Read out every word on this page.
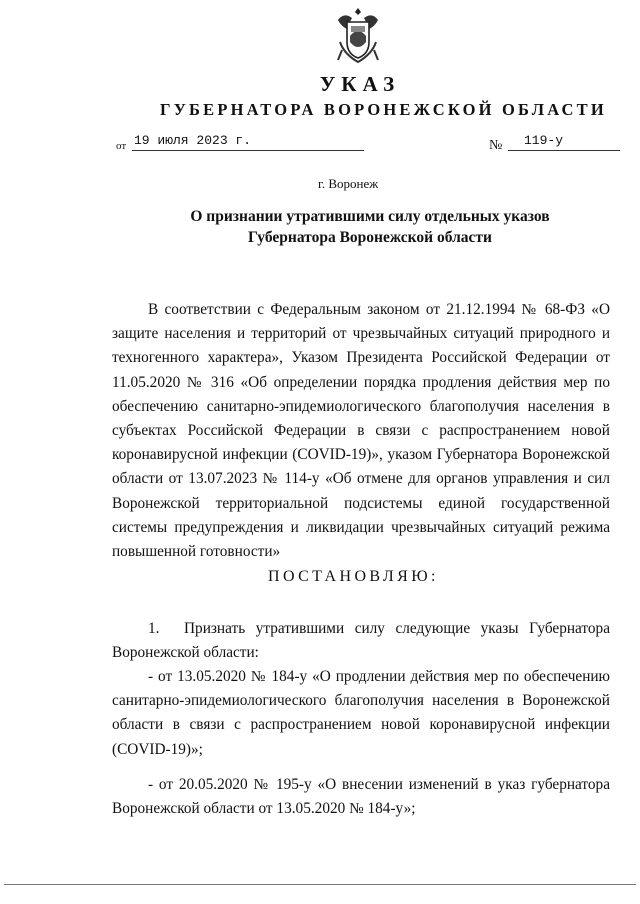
УКАЗ
ГУБЕРНАТОРА ВОРОНЕЖСКОЙ ОБЛАСТИ
от 19 июля 2023 г.	№ 119-у
г. Воронеж
О признании утратившими силу отдельных указов
Губернатора Воронежской области
В соответствии с Федеральным законом от 21.12.1994 № 68-ФЗ «О защите населения и территорий от чрезвычайных ситуаций природного и техногенного характера», Указом Президента Российской Федерации от 11.05.2020 № 316 «Об определении порядка продления действия мер по обеспечению санитарно-эпидемиологического благополучия населения в субъектах Российской Федерации в связи с распространением новой коронавирусной инфекции (COVID-19)», указом Губернатора Воронежской области от 13.07.2023 № 114-у «Об отмене для органов управления и сил Воронежской территориальной подсистемы единой государственной системы предупреждения и ликвидации чрезвычайных ситуаций режима повышенной готовности»
ПОСТАНОВЛЯЮ:
1. Признать утратившими силу следующие указы Губернатора Воронежской области:
- от 13.05.2020 № 184-у «О продлении действия мер по обеспечению санитарно-эпидемиологического благополучия населения в Воронежской области в связи с распространением новой коронавирусной инфекции (COVID-19)»;
- от 20.05.2020 № 195-у «О внесении изменений в указ губернатора Воронежской области от 13.05.2020 № 184-у»;
